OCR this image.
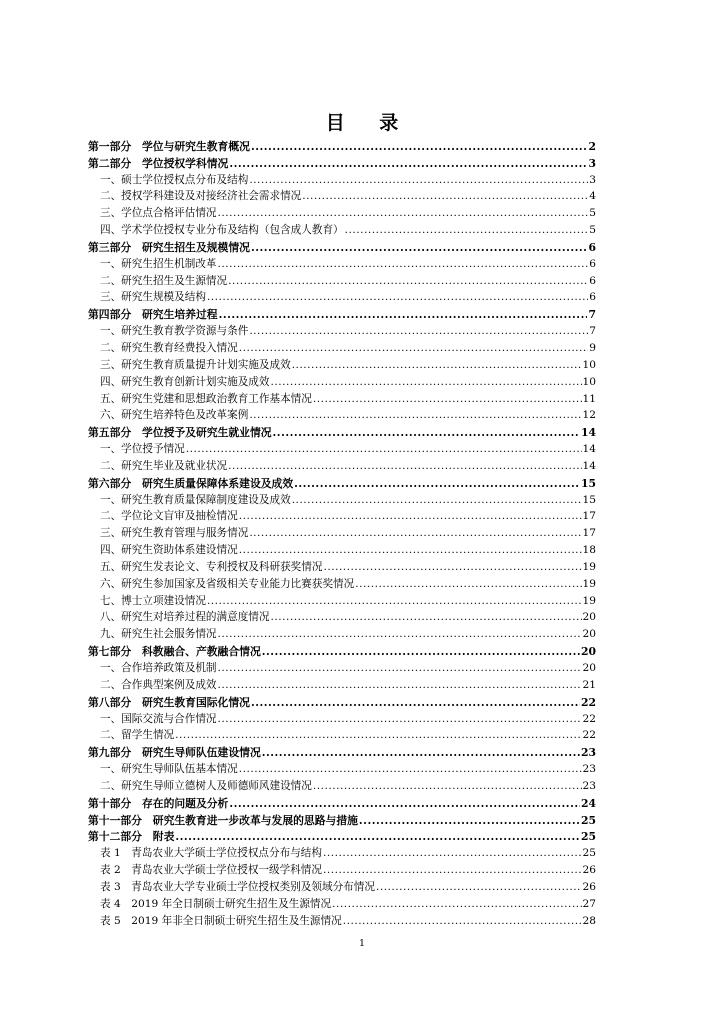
目 录
第一部分　学位与研究生教育概况 .....	2
第二部分　学位授权学科情况 .....	3
一、硕士学位授权点分布及结构 .....	3
二、授权学科建设及对接经济社会需求情况 .....	4
三、学位点合格评估情况 .....	5
四、学术学位授权专业分布及结构（包含成人教育） .....	5
第三部分　研究生招生及规模情况 .....	6
一、研究生招生机制改革 .....	6
二、研究生招生及生源情况 .....	6
三、研究生规模及结构 .....	6
第四部分　研究生培养过程 .....	7
一、研究生教育教学资源与条件 .....	7
二、研究生教育经费投入情况 .....	9
三、研究生教育质量提升计划实施及成效 .....	10
四、研究生教育创新计划实施及成效 .....	10
五、研究生党建和思想政治教育工作基本情况 .....	11
六、研究生培养特色及改革案例 .....	12
第五部分　学位授予及研究生就业情况 .....	14
一、学位授予情况 .....	14
二、研究生毕业及就业状况 .....	14
第六部分　研究生质量保障体系建设及成效 .....	15
一、研究生教育质量保障制度建设及成效 .....	15
二、学位论文盲审及抽检情况 .....	17
三、研究生教育管理与服务情况 .....	17
四、研究生资助体系建设情况 .....	18
五、研究生发表论文、专利授权及科研获奖情况 .....	19
六、研究生参加国家及省级相关专业能力比赛获奖情况 .....	19
七、博士立项建设情况 .....	19
八、研究生对培养过程的满意度情况 .....	20
九、研究生社会服务情况 .....	20
第七部分　科教融合、产教融合情况 .....	20
一、合作培养政策及机制 .....	20
二、合作典型案例及成效 .....	21
第八部分　研究生教育国际化情况 .....	22
一、国际交流与合作情况 .....	22
二、留学生情况 .....	22
第九部分　研究生导师队伍建设情况 .....	23
一、研究生导师队伍基本情况 .....	23
二、研究生导师立德树人及师德师风建设情况 .....	23
第十部分　存在的问题及分析 .....	24
第十一部分　研究生教育进一步改革与发展的思路与措施 .....	25
第十二部分　附表 .....	25
表 1　青岛农业大学硕士学位授权点分布与结构 .....	25
表 2　青岛农业大学硕士学位授权一级学科情况 .....	26
表 3　青岛农业大学专业硕士学位授权类别及领域分布情况 .....	26
表 4　2019 年全日制硕士研究生招生及生源情况 .....	27
表 5　2019 年非全日制硕士研究生招生及生源情况 .....	28
1
